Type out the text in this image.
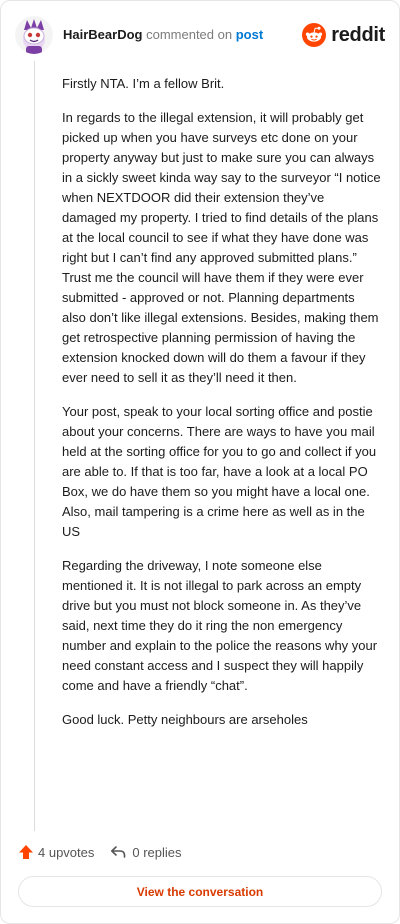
HairBearDog commented on post	reddit

Firstly NTA. I’m a fellow Brit.

In regards to the illegal extension, it will probably get picked up when you have surveys etc done on your property anyway but just to make sure you can always in a sickly sweet kinda way say to the surveyor “I notice when NEXTDOOR did their extension they’ve damaged my property. I tried to find details of the plans at the local council to see if what they have done was right but I can’t find any approved submitted plans.” Trust me the council will have them if they were ever submitted - approved or not. Planning departments also don’t like illegal extensions. Besides, making them get retrospective planning permission of having the extension knocked down will do them a favour if they ever need to sell it as they’ll need it then.

Your post, speak to your local sorting office and postie about your concerns. There are ways to have you mail held at the sorting office for you to go and collect if you are able to. If that is too far, have a look at a local PO Box, we do have them so you might have a local one. Also, mail tampering is a crime here as well as in the US

Regarding the driveway, I note someone else mentioned it. It is not illegal to park across an empty drive but you must not block someone in. As they’ve said, next time they do it ring the non emergency number and explain to the police the reasons why your need constant access and I suspect they will happily come and have a friendly “chat”.

Good luck. Petty neighbours are arseholes

4 upvotes	0 replies
View the conversation
